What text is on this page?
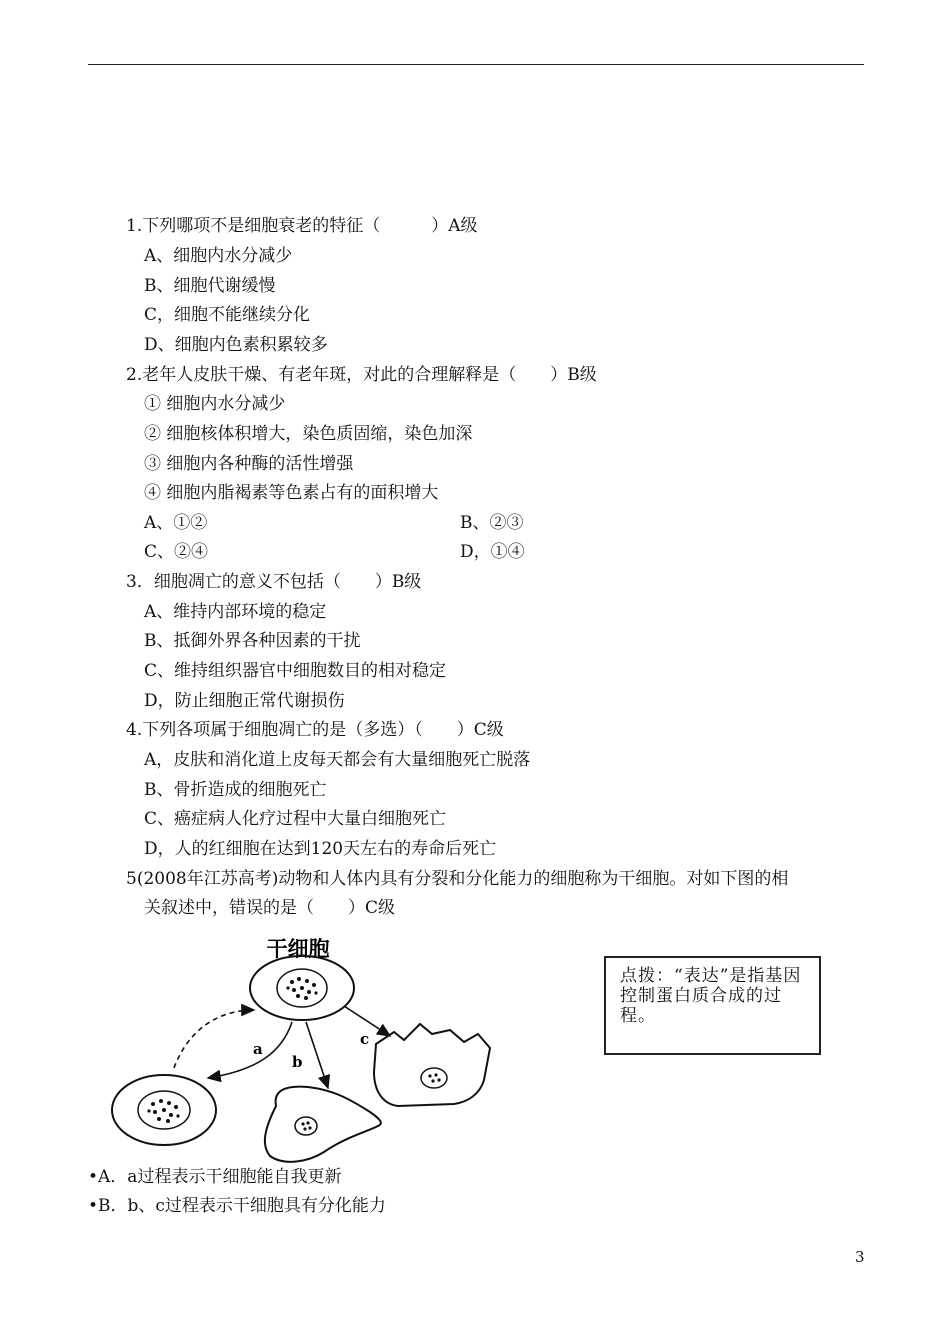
1.下列哪项不是细胞衰老的特征（　　　）A级
A、细胞内水分减少
B、细胞代谢缓慢
C，细胞不能继续分化
D、细胞内色素积累较多
2.老年人皮肤干燥、有老年斑，对此的合理解释是（　　）B级
① 细胞内水分减少
② 细胞核体积增大，染色质固缩，染色加深
③ 细胞内各种酶的活性增强
④ 细胞内脂褐素等色素占有的面积增大
A、①②	B、②③
C、②④	D，①④
3．细胞凋亡的意义不包括（　　）B级
A、维持内部环境的稳定
B、抵御外界各种因素的干扰
C、维持组织器官中细胞数目的相对稳定
D，防止细胞正常代谢损伤
4.下列各项属于细胞凋亡的是（多选）（　　）C级
A，皮肤和消化道上皮每天都会有大量细胞死亡脱落
B、骨折造成的细胞死亡
C、癌症病人化疗过程中大量白细胞死亡
D，人的红细胞在达到120天左右的寿命后死亡
5(2008年江苏高考)动物和人体内具有分裂和分化能力的细胞称为干细胞。对如下图的相
关叙述中，错误的是（　　）C级
干细胞
a
b
c
点拨：“表达”是指基因控制蛋白质合成的过程。
•A．a过程表示干细胞能自我更新
•B．b、c过程表示干细胞具有分化能力
3
